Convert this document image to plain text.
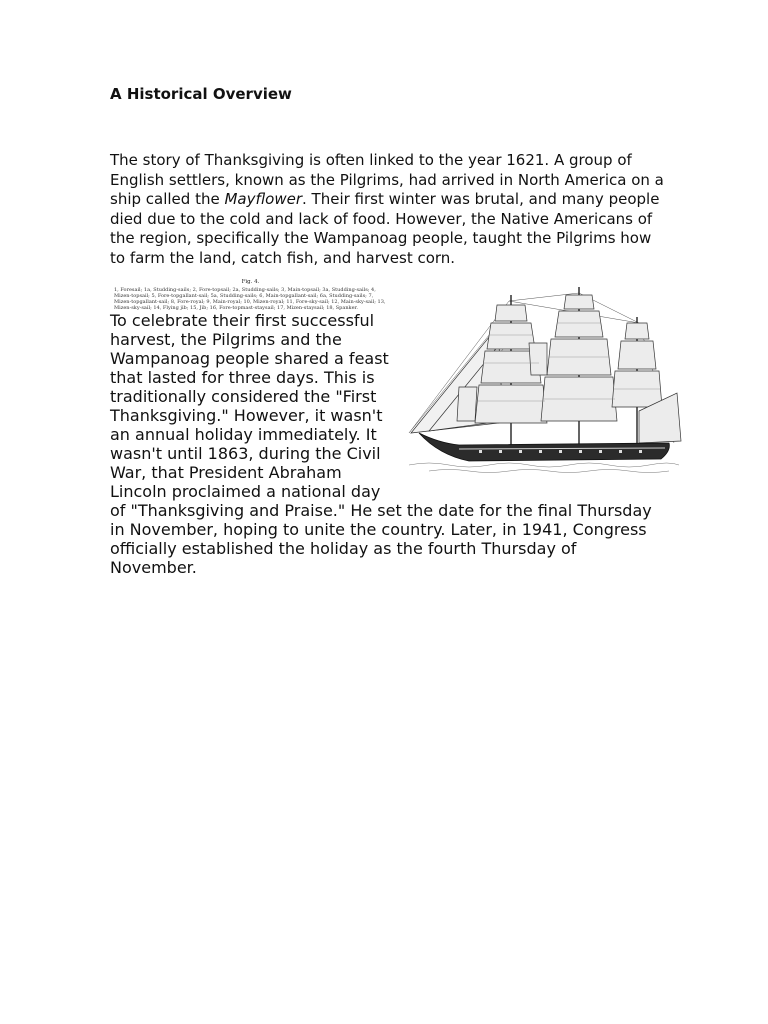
A Historical Overview

The story of Thanksgiving is often linked to the year 1621. A group of English settlers, known as the Pilgrims, had arrived in North America on a ship called the Mayflower. Their first winter was brutal, and many people died due to the cold and lack of food. However, the Native Americans of the region, specifically the Wampanoag people, taught the Pilgrims how to farm the land, catch fish, and harvest corn.

Fig. 4.
1, Foresail; 1a, Studding-sails; 2, Fore-topsail; 2a, Studding-sails; 3, Main-topsail; 3a, Studding-sails; 4, Mizen-topsail; 5, Fore-topgallant-sail; 5a, Studding-sails; 6, Main-topgallant-sail; 6a, Studding-sails; 7, Mizen-topgallant-sail; 8, Fore-royal; 9, Main-royal; 10, Mizen-royal; 11, Fore-sky-sail; 12, Main-sky-sail; 13, Mizen-sky-sail; 14, Flying jib; 15, Jib; 16, Fore-topmast-staysail; 17, Mizen-staysail; 18, Spanker.
To celebrate their first successful harvest, the Pilgrims and the Wampanoag people shared a feast that lasted for three days. This is traditionally considered the "First Thanksgiving." However, it wasn't an annual holiday immediately. It wasn't until 1863, during the Civil War, that President Abraham Lincoln proclaimed a national day of "Thanksgiving and Praise." He set the date for the final Thursday in November, hoping to unite the country. Later, in 1941, Congress officially established the holiday as the fourth Thursday of November.
